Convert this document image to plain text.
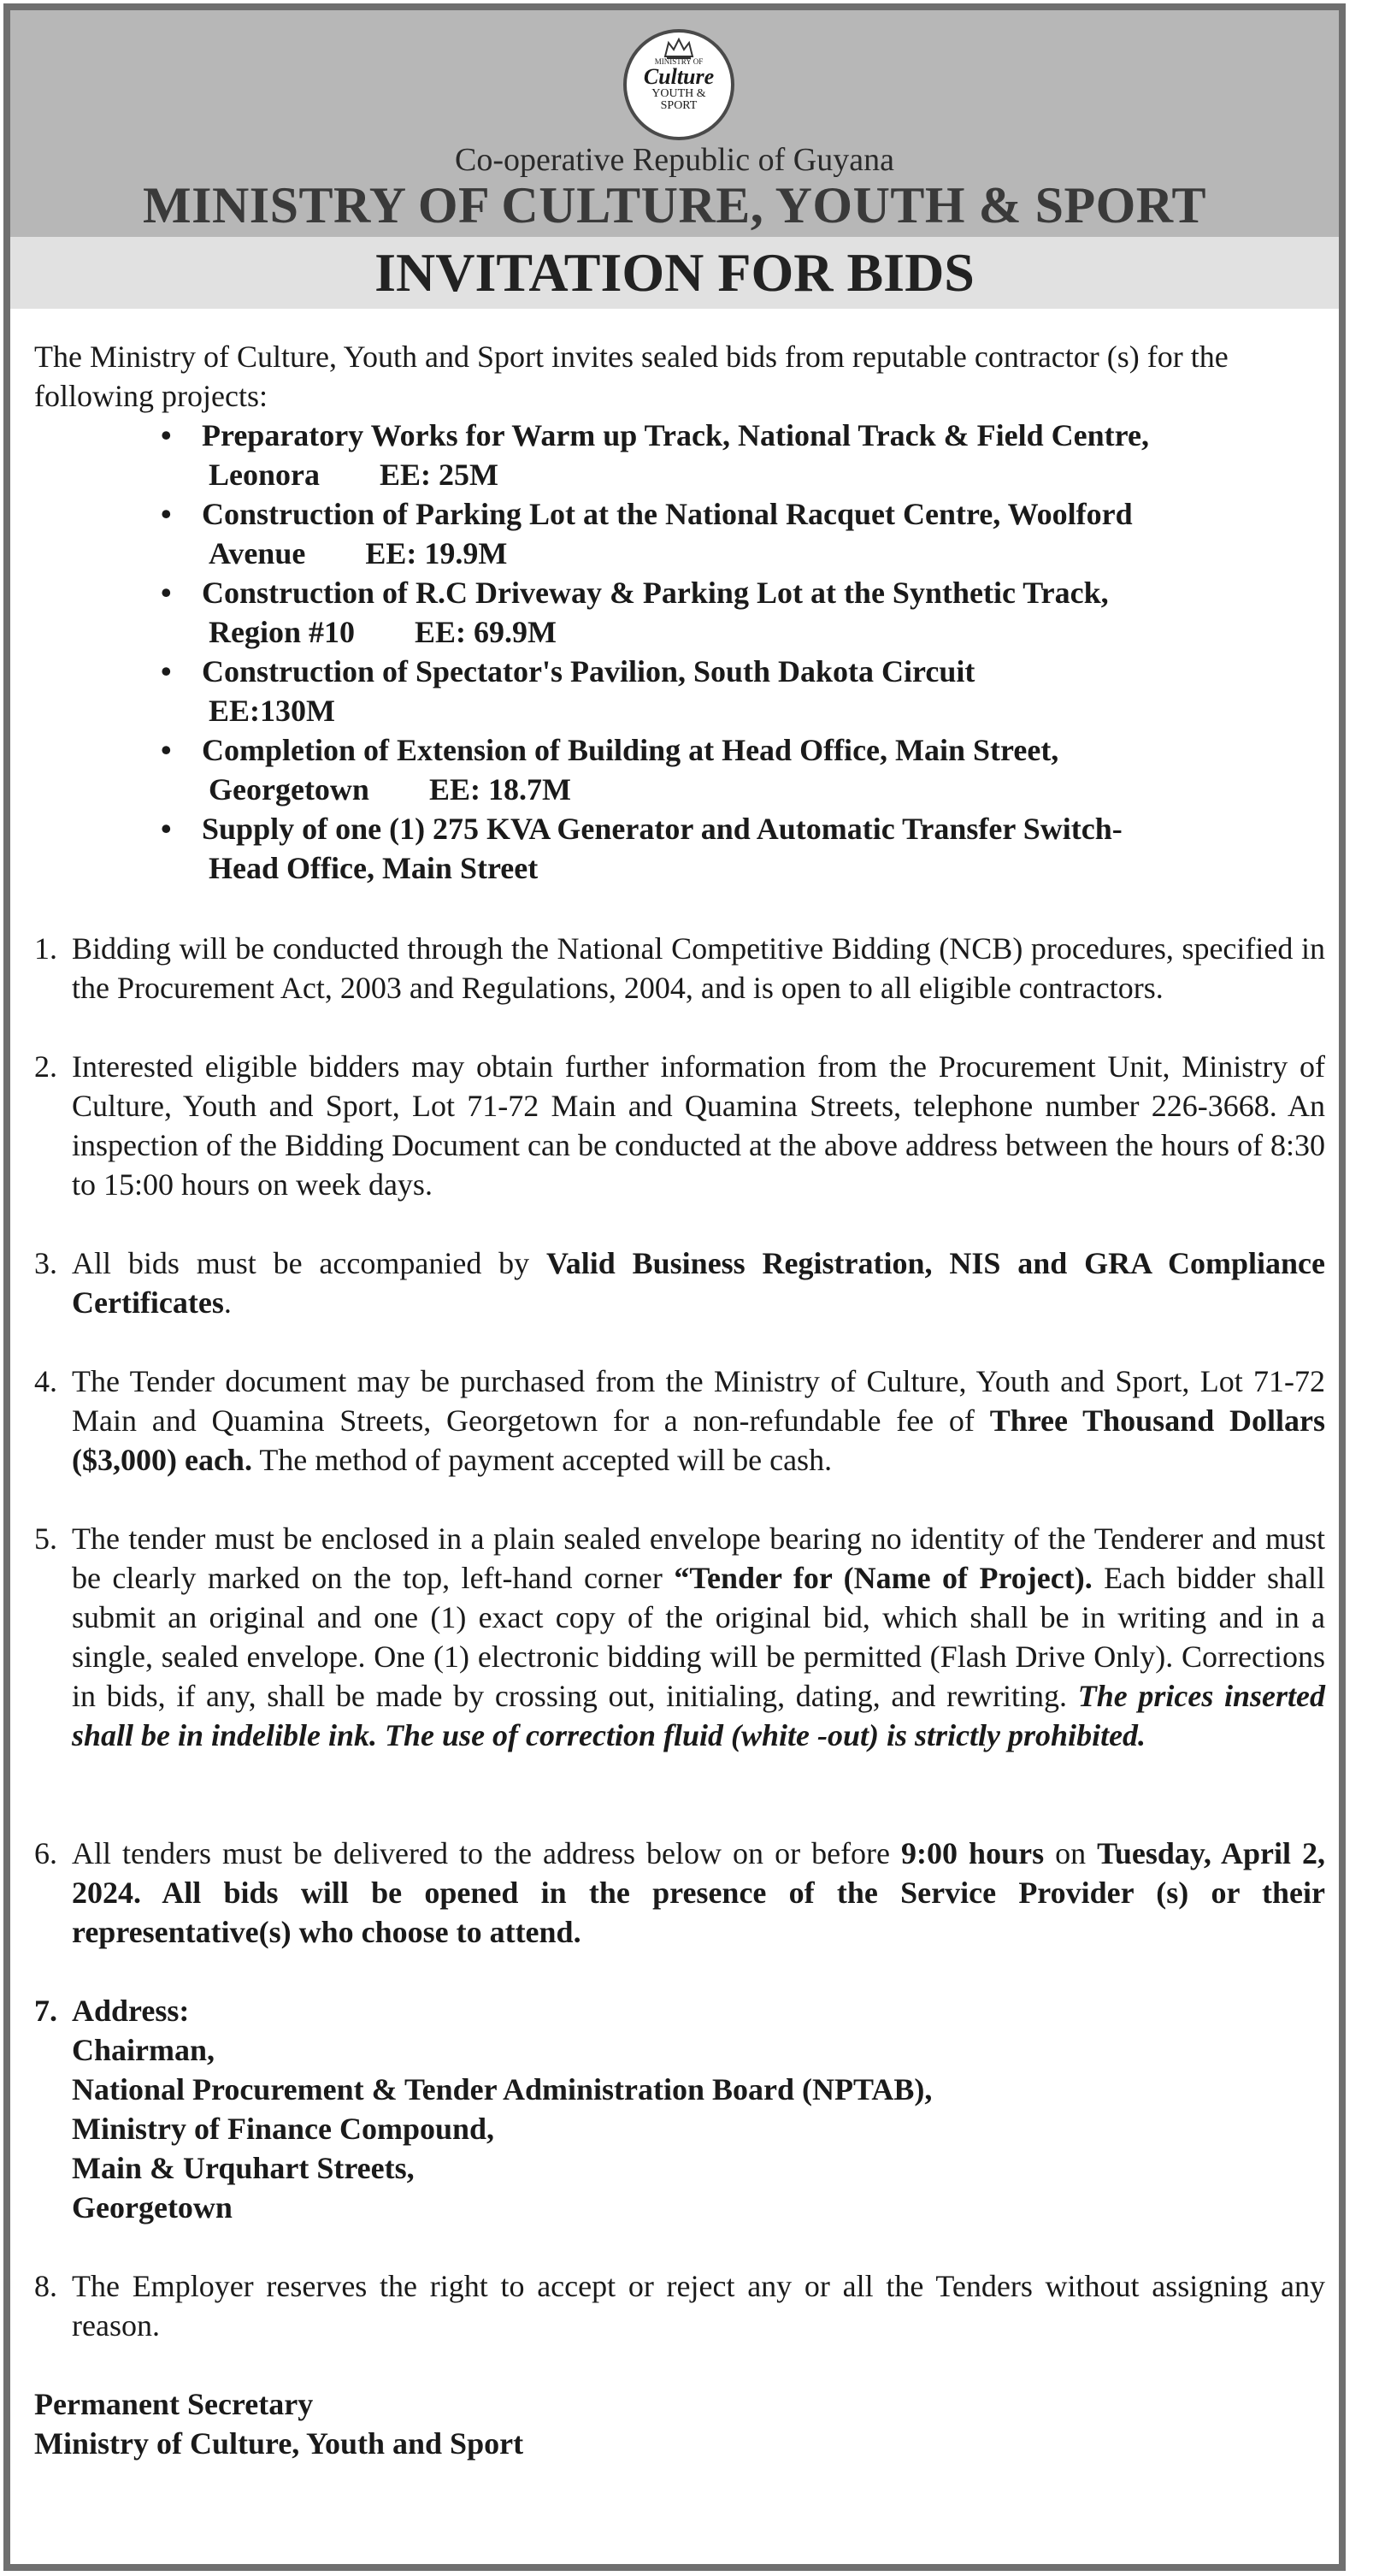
MINISTRY OF
Culture
YOUTH &
SPORT
Co-operative Republic of Guyana
MINISTRY OF CULTURE, YOUTH & SPORT
INVITATION FOR BIDS

The Ministry of Culture, Youth and Sport invites sealed bids from reputable contractor (s) for the following projects:

• Preparatory Works for Warm up Track, National Track & Field Centre,
Leonora EE: 25M
• Construction of Parking Lot at the National Racquet Centre, Woolford
Avenue EE: 19.9M
• Construction of R.C Driveway & Parking Lot at the Synthetic Track,
Region #10 EE: 69.9M
• Construction of Spectator's Pavilion, South Dakota Circuit
EE:130M
• Completion of Extension of Building at Head Office, Main Street,
Georgetown EE: 18.7M
• Supply of one (1) 275 KVA Generator and Automatic Transfer Switch-
Head Office, Main Street

1. Bidding will be conducted through the National Competitive Bidding (NCB) procedures, specified in the Procurement Act, 2003 and Regulations, 2004, and is open to all eligible contractors.

2. Interested eligible bidders may obtain further information from the Procurement Unit, Ministry of Culture, Youth and Sport, Lot 71-72 Main and Quamina Streets, telephone number 226-3668. An inspection of the Bidding Document can be conducted at the above address between the hours of 8:30 to 15:00 hours on week days.

3. All bids must be accompanied by Valid Business Registration, NIS and GRA Compliance Certificates.

4. The Tender document may be purchased from the Ministry of Culture, Youth and Sport, Lot 71-72 Main and Quamina Streets, Georgetown for a non-refundable fee of Three Thousand Dollars ($3,000) each. The method of payment accepted will be cash.

5. The tender must be enclosed in a plain sealed envelope bearing no identity of the Tenderer and must be clearly marked on the top, left-hand corner “Tender for (Name of Project). Each bidder shall submit an original and one (1) exact copy of the original bid, which shall be in writing and in a single, sealed envelope. One (1) electronic bidding will be permitted (Flash Drive Only). Corrections in bids, if any, shall be made by crossing out, initialing, dating, and rewriting. The prices inserted shall be in indelible ink. The use of correction fluid (white -out) is strictly prohibited.

6. All tenders must be delivered to the address below on or before 9:00 hours on Tuesday, April 2, 2024. All bids will be opened in the presence of the Service Provider (s) or their representative(s) who choose to attend.

7. Address:

Chairman,

National Procurement & Tender Administration Board (NPTAB),

Ministry of Finance Compound,

Main & Urquhart Streets,

Georgetown

8. The Employer reserves the right to accept or reject any or all the Tenders without assigning any reason.

Permanent Secretary

Ministry of Culture, Youth and Sport
